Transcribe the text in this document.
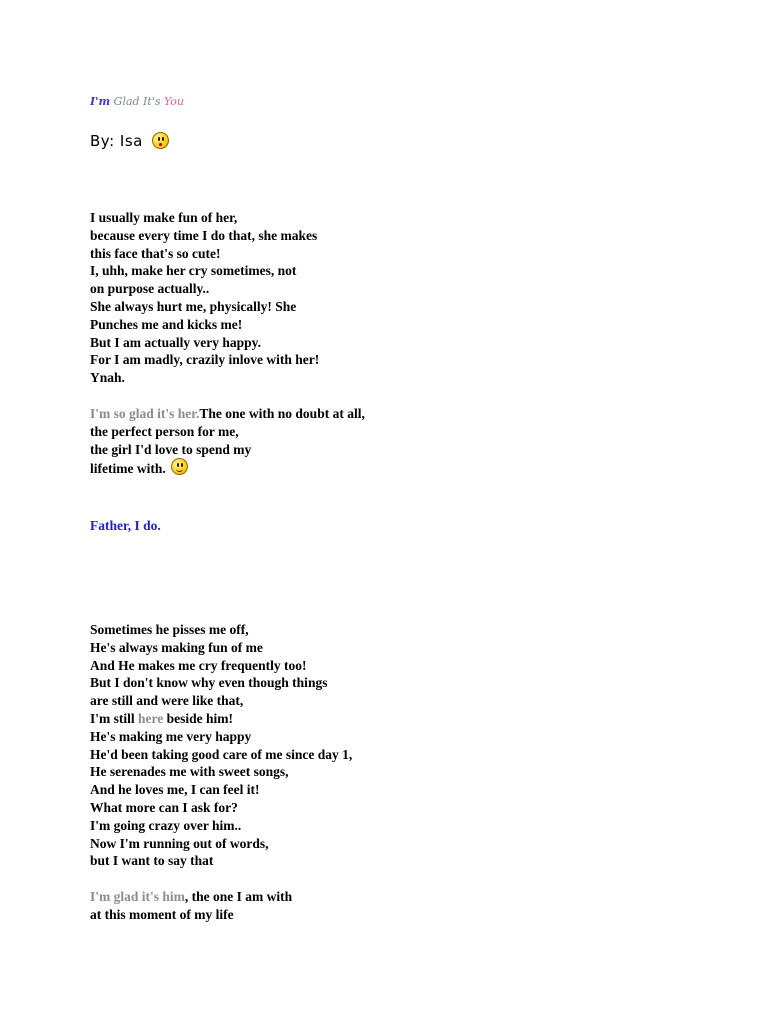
I'm Glad It's You
By: Isa
I usually make fun of her,
because every time I do that, she makes
this face that's so cute!
I, uhh, make her cry sometimes, not
on purpose actually..
She always hurt me, physically! She
Punches me and kicks me!
But I am actually very happy.
For I am madly, crazily inlove with her!
Ynah.
I'm so glad it's her.The one with no doubt at all,
the perfect person for me,
the girl I'd love to spend my
lifetime with.
Father, I do.
Sometimes he pisses me off,
He's always making fun of me
And He makes me cry frequently too!
But I don't know why even though things
are still and were like that,
I'm still here beside him!
He's making me very happy
He'd been taking good care of me since day 1,
He serenades me with sweet songs,
And he loves me, I can feel it!
What more can I ask for?
I'm going crazy over him..
Now I'm running out of words,
but I want to say that
I'm glad it's him, the one I am with
at this moment of my life
